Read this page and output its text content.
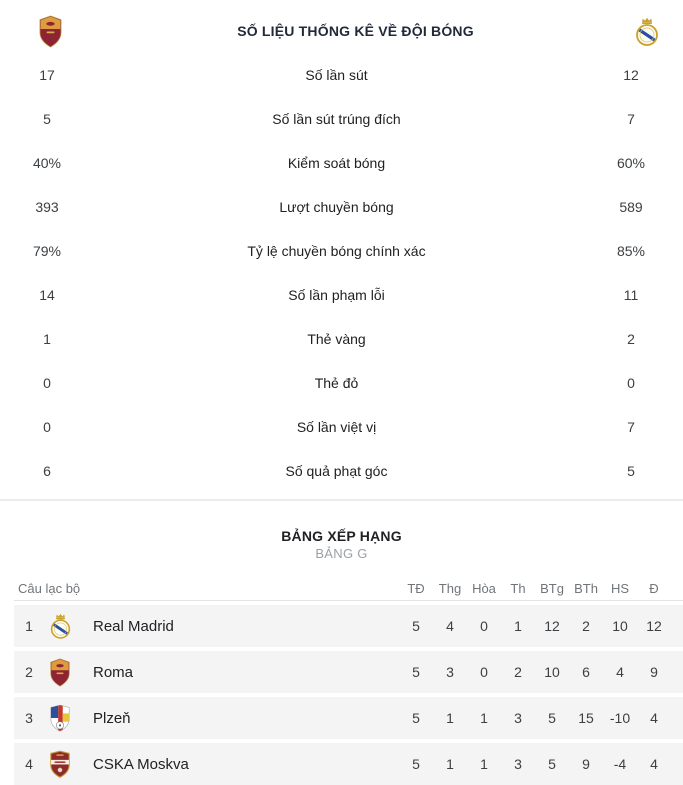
SỐ LIỆU THỐNG KÊ VỀ ĐỘI BÓNG
17	Số lần sút	12
5	Số lần sút trúng đích	7
40%	Kiểm soát bóng	60%
393	Lượt chuyền bóng	589
79%	Tỷ lệ chuyền bóng chính xác	85%
14	Số lần phạm lỗi	11
1	Thẻ vàng	2
0	Thẻ đỏ	0
0	Số lần việt vị	7
6	Số quả phạt góc	5
BẢNG XẾP HẠNG
BẢNG G
Câu lạc bộ	TĐ	Thg Hòa	Th	BTg BTh	HS	Đ
1	Real Madrid	5	4	0	1	12	2	10	12
2	Roma	5	3	0	2	10	6	4	9
3	Plzeň	5	1	1	3	5	15	-10	4
4	CSKA Moskva	5	1	1	3	5	9	-4	4
